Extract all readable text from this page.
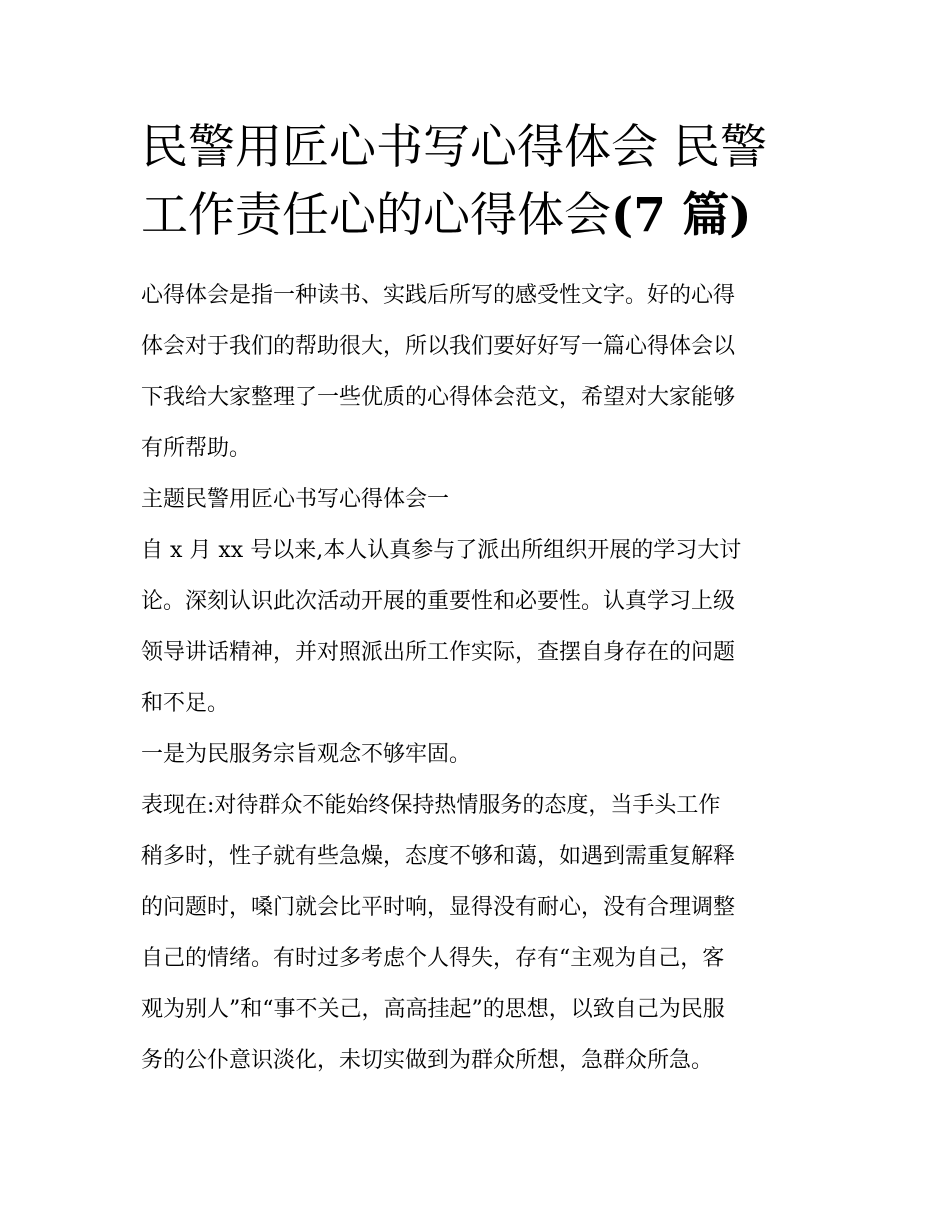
民警用匠心书写心得体会 民警
工作责任心的心得体会(7 篇)

心得体会是指一种读书、实践后所写的感受性文字。好的心得
体会对于我们的帮助很大，所以我们要好好写一篇心得体会以
下我给大家整理了一些优质的心得体会范文，希望对大家能够
有所帮助。

主题民警用匠心书写心得体会一

自 x 月 xx 号以来,本人认真参与了派出所组织开展的学习大讨
论。深刻认识此次活动开展的重要性和必要性。认真学习上级
领导讲话精神，并对照派出所工作实际，查摆自身存在的问题
和不足。

一是为民服务宗旨观念不够牢固。

表现在:对待群众不能始终保持热情服务的态度，当手头工作
稍多时，性子就有些急燥，态度不够和蔼，如遇到需重复解释
的问题时，嗓门就会比平时响，显得没有耐心，没有合理调整
自己的情绪。有时过多考虑个人得失，存有“主观为自己，客
观为别人”和“事不关己，高高挂起”的思想，以致自己为民服
务的公仆意识淡化，未切实做到为群众所想，急群众所急。
